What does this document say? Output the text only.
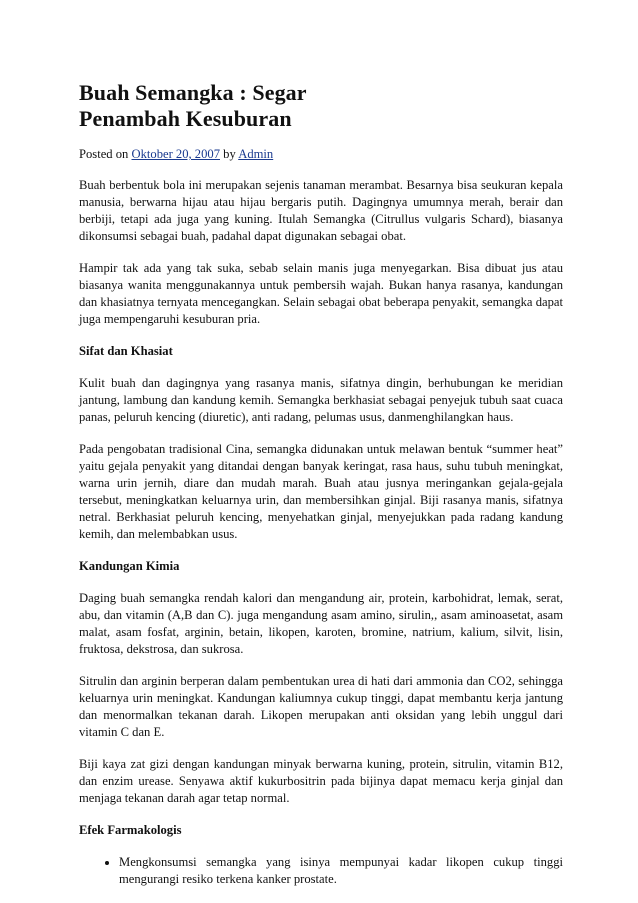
Buah Semangka : Segar
Penambah Kesuburan
Posted on Oktober 20, 2007 by Admin

Buah berbentuk bola ini merupakan sejenis tanaman merambat. Besarnya bisa seukuran kepala manusia, berwarna hijau atau hijau bergaris putih. Dagingnya umumnya merah, berair dan berbiji, tetapi ada juga yang kuning. Itulah Semangka (Citrullus vulgaris Schard), biasanya dikonsumsi sebagai buah, padahal dapat digunakan sebagai obat.

Hampir tak ada yang tak suka, sebab selain manis juga menyegarkan. Bisa dibuat jus atau biasanya wanita menggunakannya untuk pembersih wajah. Bukan hanya rasanya, kandungan dan khasiatnya ternyata mencegangkan. Selain sebagai obat beberapa penyakit, semangka dapat juga mempengaruhi kesuburan pria.

Sifat dan Khasiat

Kulit buah dan dagingnya yang rasanya manis, sifatnya dingin, berhubungan ke meridian jantung, lambung dan kandung kemih. Semangka berkhasiat sebagai penyejuk tubuh saat cuaca panas, peluruh kencing (diuretic), anti radang, pelumas usus, danmenghilangkan haus.

Pada pengobatan tradisional Cina, semangka didunakan untuk melawan bentuk “summer heat” yaitu gejala penyakit yang ditandai dengan banyak keringat, rasa haus, suhu tubuh meningkat, warna urin jernih, diare dan mudah marah. Buah atau jusnya meringankan gejala-gejala tersebut, meningkatkan keluarnya urin, dan membersihkan ginjal. Biji rasanya manis, sifatnya netral. Berkhasiat peluruh kencing, menyehatkan ginjal, menyejukkan pada radang kandung kemih, dan melembabkan usus.

Kandungan Kimia

Daging buah semangka rendah kalori dan mengandung air, protein, karbohidrat, lemak, serat, abu, dan vitamin (A,B dan C). juga mengandung asam amino, sirulin,, asam aminoasetat, asam malat, asam fosfat, arginin, betain, likopen, karoten, bromine, natrium, kalium, silvit, lisin, fruktosa, dekstrosa, dan sukrosa.

Sitrulin dan arginin berperan dalam pembentukan urea di hati dari ammonia dan CO2, sehingga keluarnya urin meningkat. Kandungan kaliumnya cukup tinggi, dapat membantu kerja jantung dan menormalkan tekanan darah. Likopen merupakan anti oksidan yang lebih unggul dari vitamin C dan E.

Biji kaya zat gizi dengan kandungan minyak berwarna kuning, protein, sitrulin, vitamin B12, dan enzim urease. Senyawa aktif kukurbositrin pada bijinya dapat memacu kerja ginjal dan menjaga tekanan darah agar tetap normal.

Efek Farmakologis
• Mengkonsumsi semangka yang isinya mempunyai kadar likopen cukup tinggi mengurangi resiko terkena kanker prostate.
